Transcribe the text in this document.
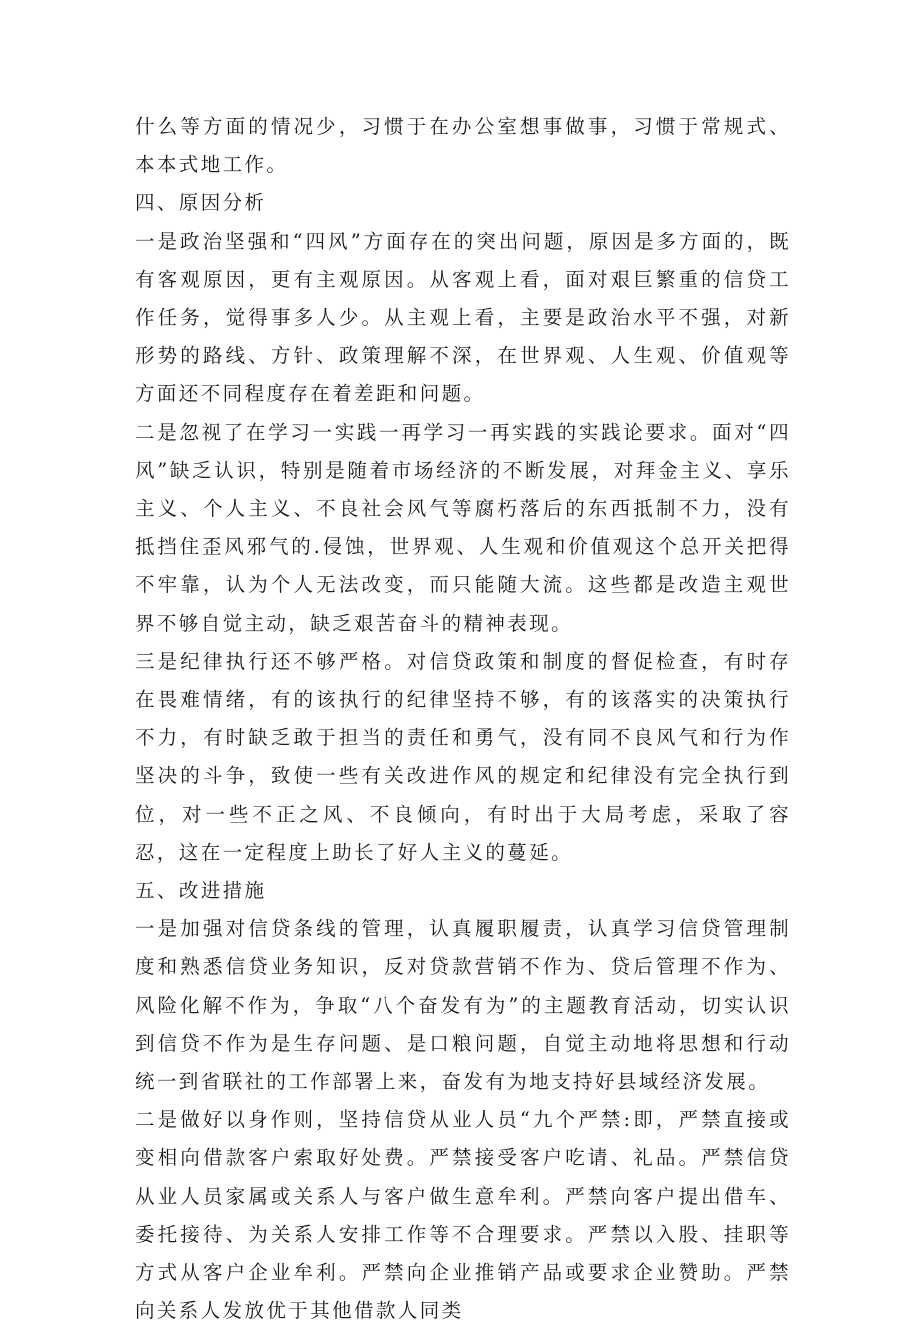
什么等方面的情况少，习惯于在办公室想事做事，习惯于常规式、本本式地工作。

四、原因分析

一是政治坚强和“四风”方面存在的突出问题，原因是多方面的，既有客观原因，更有主观原因。从客观上看，面对艰巨繁重的信贷工作任务，觉得事多人少。从主观上看，主要是政治水平不强，对新形势的路线、方针、政策理解不深，在世界观、人生观、价值观等方面还不同程度存在着差距和问题。

二是忽视了在学习一实践一再学习一再实践的实践论要求。面对“四风”缺乏认识，特别是随着市场经济的不断发展，对拜金主义、享乐主义、个人主义、不良社会风气等腐朽落后的东西抵制不力，没有抵挡住歪风邪气的.侵蚀，世界观、人生观和价值观这个总开关把得不牢靠，认为个人无法改变，而只能随大流。这些都是改造主观世界不够自觉主动，缺乏艰苦奋斗的精神表现。

三是纪律执行还不够严格。对信贷政策和制度的督促检查，有时存在畏难情绪，有的该执行的纪律坚持不够，有的该落实的决策执行不力，有时缺乏敢于担当的责任和勇气，没有同不良风气和行为作坚决的斗争，致使一些有关改进作风的规定和纪律没有完全执行到位，对一些不正之风、不良倾向，有时出于大局考虑，采取了容忍，这在一定程度上助长了好人主义的蔓延。

五、改进措施

一是加强对信贷条线的管理，认真履职履责，认真学习信贷管理制度和熟悉信贷业务知识，反对贷款营销不作为、贷后管理不作为、风险化解不作为，争取“八个奋发有为”的主题教育活动，切实认识到信贷不作为是生存问题、是口粮问题，自觉主动地将思想和行动统一到省联社的工作部署上来，奋发有为地支持好县域经济发展。

二是做好以身作则，坚持信贷从业人员“九个严禁:即，严禁直接或变相向借款客户索取好处费。严禁接受客户吃请、礼品。严禁信贷从业人员家属或关系人与客户做生意牟利。严禁向客户提出借车、委托接待、为关系人安排工作等不合理要求。严禁以入股、挂职等方式从客户企业牟利。严禁向企业推销产品或要求企业赞助。严禁向关系人发放优于其他借款人同类
